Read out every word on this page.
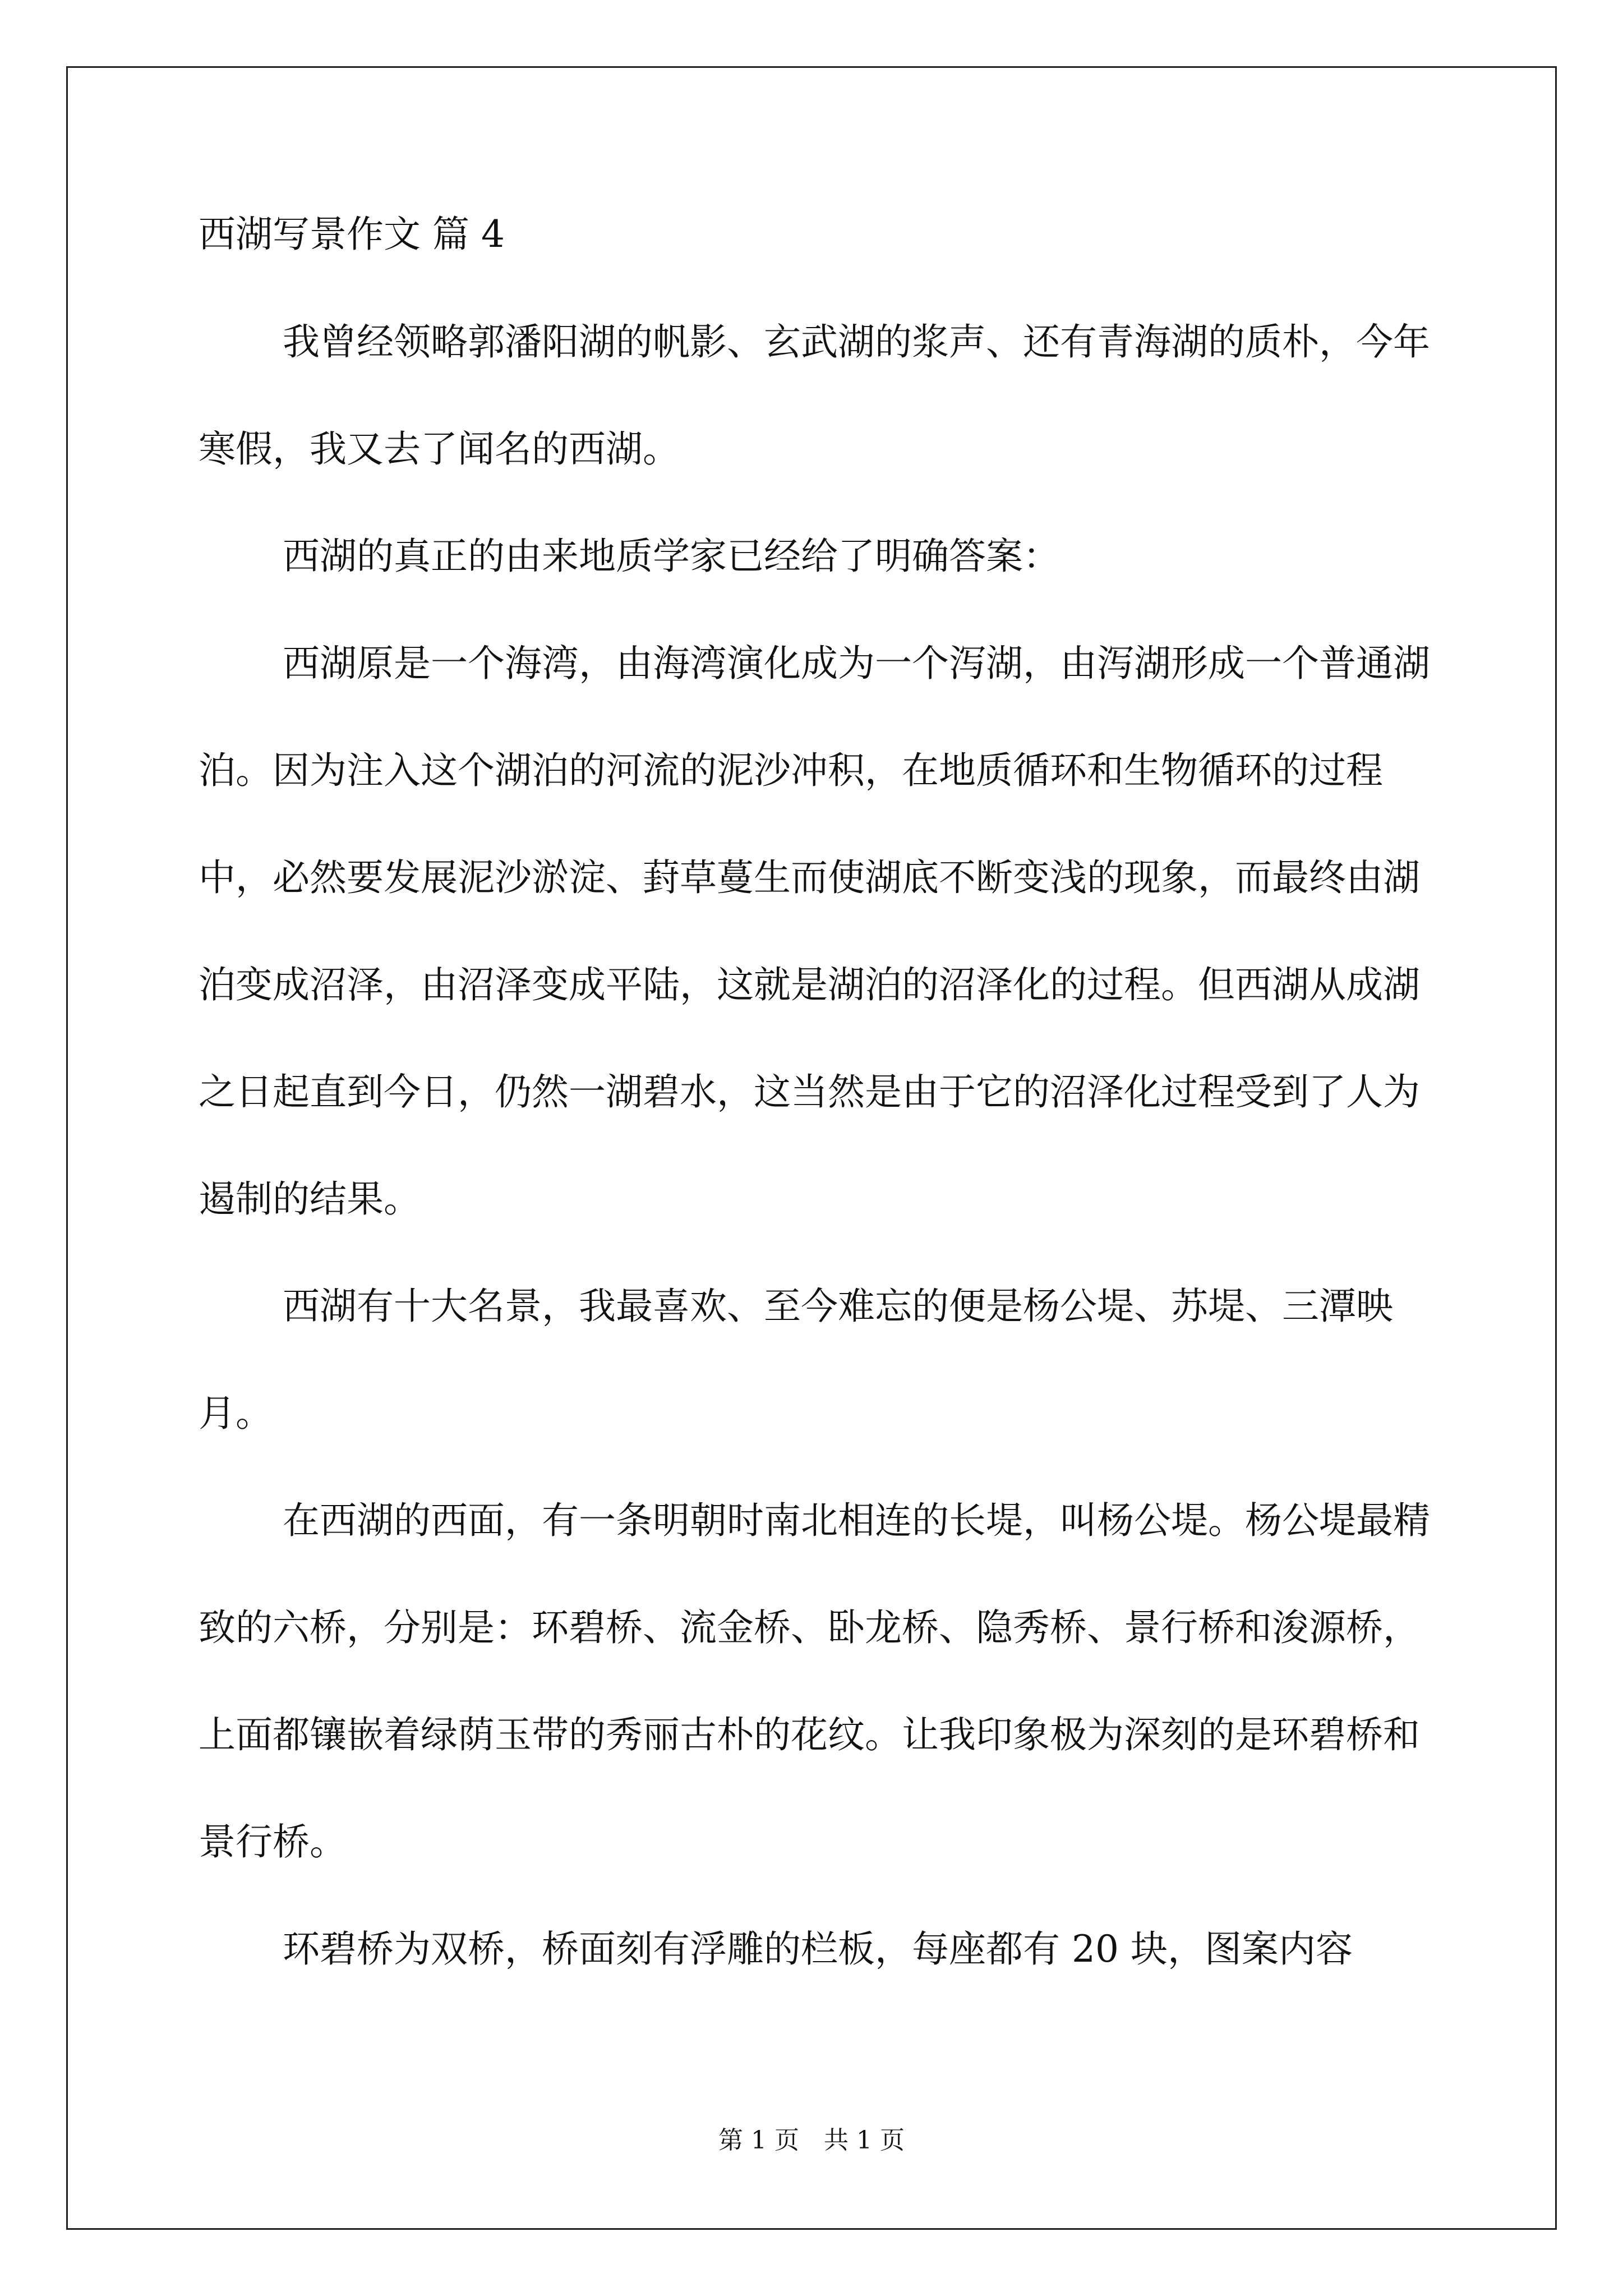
西湖写景作文 篇 4

我曾经领略郭潘阳湖的帆影、玄武湖的浆声、还有青海湖的质朴，今年寒假，我又去了闻名的西湖。

西湖的真正的由来地质学家已经给了明确答案：

西湖原是一个海湾，由海湾演化成为一个泻湖，由泻湖形成一个普通湖泊。因为注入这个湖泊的河流的泥沙冲积，在地质循环和生物循环的过程中，必然要发展泥沙淤淀、葑草蔓生而使湖底不断变浅的现象，而最终由湖泊变成沼泽，由沼泽变成平陆，这就是湖泊的沼泽化的过程。但西湖从成湖之日起直到今日，仍然一湖碧水，这当然是由于它的沼泽化过程受到了人为遏制的结果。

西湖有十大名景，我最喜欢、至今难忘的便是杨公堤、苏堤、三潭映月。

在西湖的西面，有一条明朝时南北相连的长堤，叫杨公堤。杨公堤最精致的六桥，分别是：环碧桥、流金桥、卧龙桥、隐秀桥、景行桥和浚源桥，上面都镶嵌着绿荫玉带的秀丽古朴的花纹。让我印象极为深刻的是环碧桥和景行桥。

环碧桥为双桥，桥面刻有浮雕的栏板，每座都有 20 块，图案内容

第 1 页　共 1 页
